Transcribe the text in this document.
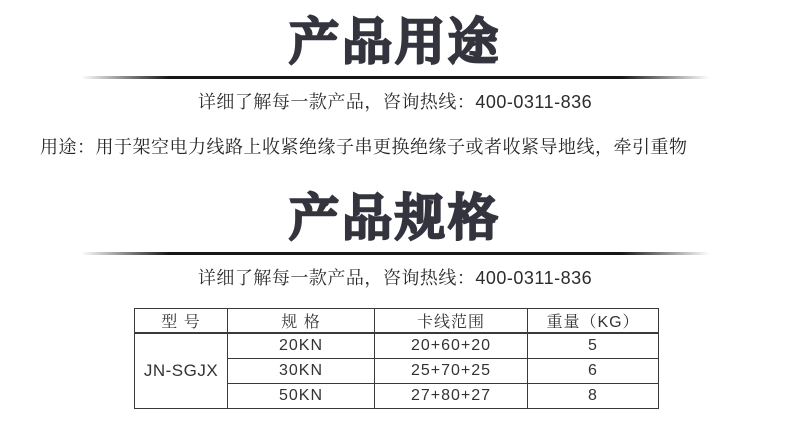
产品用途

详细了解每一款产品，咨询热线：400-0311-836

用途：用于架空电力线路上收紧绝缘子串更换绝缘子或者收紧导地线，牵引重物

产品规格

详细了解每一款产品，咨询热线：400-0311-836

型 号	规 格	卡线范围	重量（KG）
JN-SGJX	20KN	20+60+20	5
	30KN	25+70+25	6
	50KN	27+80+27	8
